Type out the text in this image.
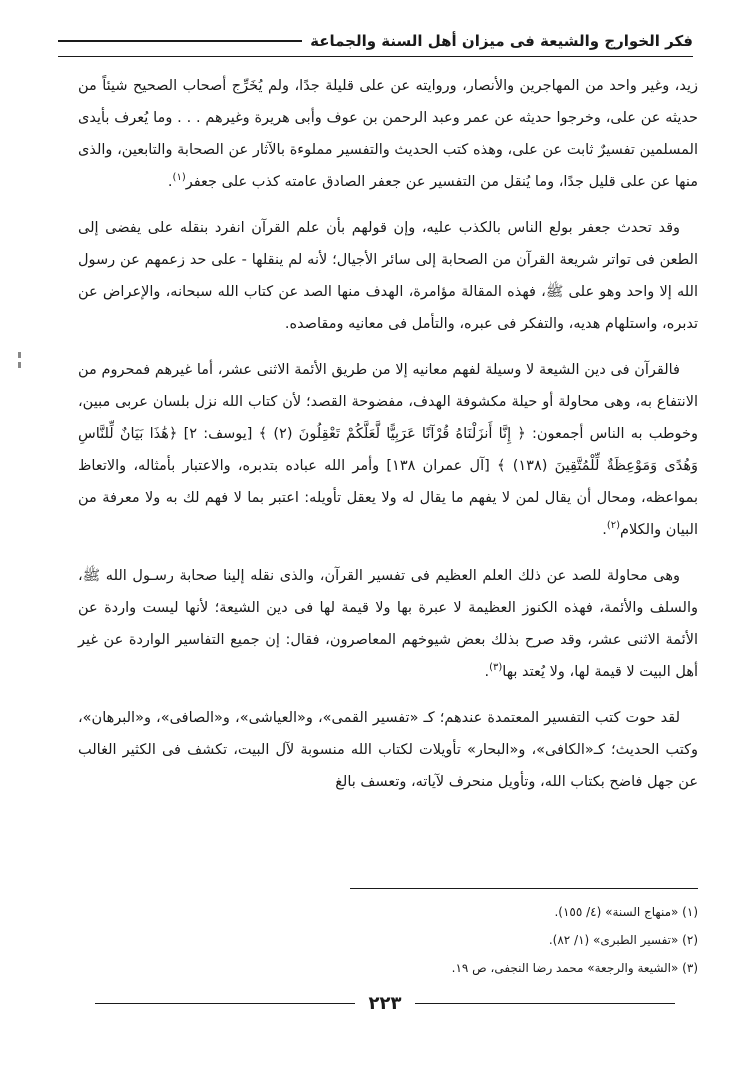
فكر الخوارج والشيعة فى ميزان أهل السنة والجماعة

زيد، وغير واحد من المهاجرين والأنصار، وروايته عن على قليلة جدًا، ولم يُخَرِّج أصحاب الصحيح شيئاً من حديثه عن على، وخرجوا حديثه عن عمر وعبد الرحمن بن عوف وأبى هريرة وغيرهم . . . وما يُعرف بأيدى المسلمين تفسيرٌ ثابت عن على، وهذه كتب الحديث والتفسير مملوءة بالآثار عن الصحابة والتابعين، والذى منها عن على قليل جدًا، وما يُنقل من التفسير عن جعفر الصادق عامته كذب على جعفر$^{(١)}$.

وقد تحدث جعفر بولع الناس بالكذب عليه، وإن قولهم بأن علم القرآن انفرد بنقله على يفضى إلى الطعن فى تواتر شريعة القرآن من الصحابة إلى سائر الأجيال؛ لأنه لم ينقلها - على حد زعمهم عن رسول الله إلا واحد وهو على ﷺ، فهذه المقالة مؤامرة، الهدف منها الصد عن كتاب الله سبحانه، والإعراض عن تدبره، واستلهام هديه، والتفكر فى عبره، والتأمل فى معانيه ومقاصده.

فالقرآن فى دين الشيعة لا وسيلة لفهم معانيه إلا من طريق الأئمة الاثنى عشر، أما غيرهم فمحروم من الانتفاع به، وهى محاولة أو حيلة مكشوفة الهدف، مفضوحة القصد؛ لأن كتاب الله نزل بلسان عربى مبين، وخوطب به الناس أجمعون: ﴿ إِنَّا أَنزَلْنَاهُ قُرْآنًا عَرَبِيًّا لَّعَلَّكُمْ تَعْقِلُونَ (٢) ﴾ [يوسف: ٢] ﴿هَٰذَا بَيَانٌ لِّلنَّاسِ وَهُدًى وَمَوْعِظَةٌ لِّلْمُتَّقِينَ (١٣٨) ﴾ [آل عمران ١٣٨] وأمر الله عباده بتدبره، والاعتبار بأمثاله، والاتعاظ بمواعظه، ومحال أن يقال لمن لا يفهم ما يقال له ولا يعقل تأويله: اعتبر بما لا فهم لك به ولا معرفة من البيان والكلام$^{(٢)}$.

وهى محاولة للصد عن ذلك العلم العظيم فى تفسير القرآن، والذى نقله إلينا صحابة رسـول الله ﷺ، والسلف والأئمة، فهذه الكنوز العظيمة لا عبرة بها ولا قيمة لها فى دين الشيعة؛ لأنها ليست واردة عن الأئمة الاثنى عشر، وقد صرح بذلك بعض شيوخهم المعاصرون، فقال: إن جميع التفاسير الواردة عن غير أهل البيت لا قيمة لها، ولا يُعتد بها$^{(٣)}$.

لقد حوت كتب التفسير المعتمدة عندهم؛ كـ «تفسير القمى»، و«العياشى»، و«الصافى»، و«البرهان»، وكتب الحديث؛ كـ«الكافى»، و«البحار» تأويلات لكتاب الله منسوبة لآل البيت، تكشف فى الكثير الغالب عن جهل فاضح بكتاب الله، وتأويل منحرف لآياته، وتعسف بالغ

(١) «منهاج السنة» (٤/ ١٥٥).
(٢) «تفسير الطبرى» (١/ ٨٢).
(٣) «الشيعة والرجعة» محمد رضا النجفى، ص ١٩.
٢٢٣
